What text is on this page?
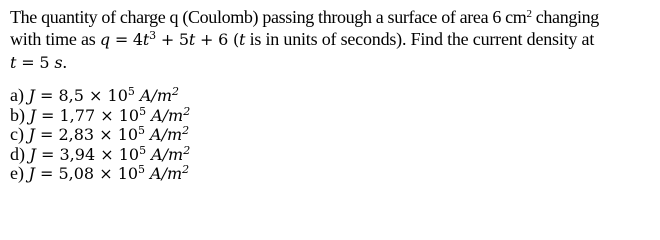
The quantity of charge q (Coulomb) passing through a surface of area 6 $cm^2$ changing
with time as $q = 4t^3 + 5t + 6$ (t is in units of seconds). Find the current density at
t = 5 s.
a) $J = 8,5 \times 10^5$ $A/m^2$
b) $J = 1,77 \times 10^5$ $A/m^2$
c) $J = 2,83 \times 10^5$ $A/m^2$
d) $J = 3,94 \times 10^5$ $A/m^2$
e) $J = 5,08 \times 10^5$ $A/m^2$
